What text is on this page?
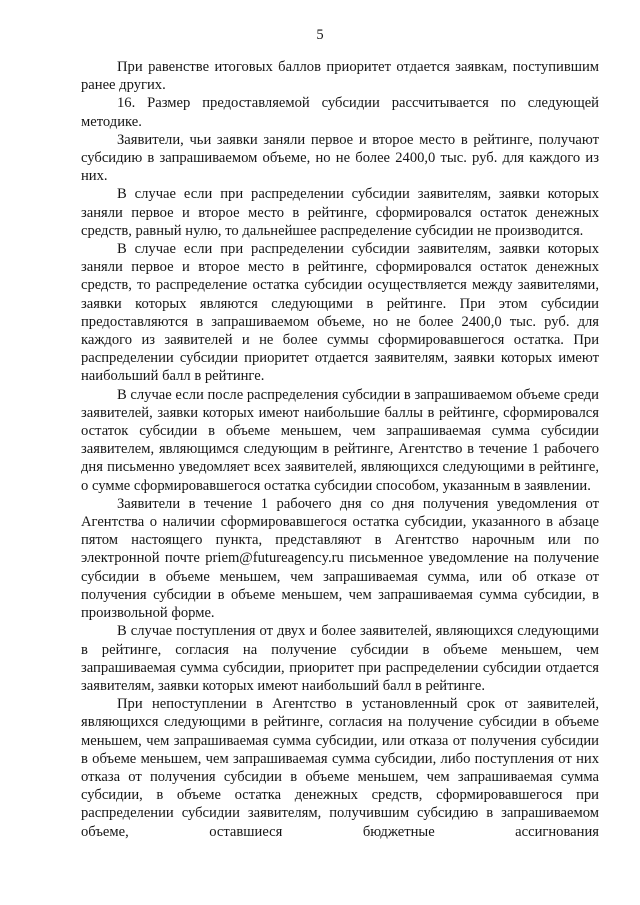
5

При равенстве итоговых баллов приоритет отдается заявкам, поступившим ранее других.

16. Размер предоставляемой субсидии рассчитывается по следующей методике.

Заявители, чьи заявки заняли первое и второе место в рейтинге, получают субсидию в запрашиваемом объеме, но не более 2400,0 тыс. руб. для каждого из них.

В случае если при распределении субсидии заявителям, заявки которых заняли первое и второе место в рейтинге, сформировался остаток денежных средств, равный нулю, то дальнейшее распределение субсидии не производится.

В случае если при распределении субсидии заявителям, заявки которых заняли первое и второе место в рейтинге, сформировался остаток денежных средств, то распределение остатка субсидии осуществляется между заявителями, заявки которых являются следующими в рейтинге. При этом субсидии предоставляются в запрашиваемом объеме, но не более 2400,0 тыс. руб. для каждого из заявителей и не более суммы сформировавшегося остатка. При распределении субсидии приоритет отдается заявителям, заявки которых имеют наибольший балл в рейтинге.

В случае если после распределения субсидии в запрашиваемом объеме среди заявителей, заявки которых имеют наибольшие баллы в рейтинге, сформировался остаток субсидии в объеме меньшем, чем запрашиваемая сумма субсидии заявителем, являющимся следующим в рейтинге, Агентство в течение 1 рабочего дня письменно уведомляет всех заявителей, являющихся следующими в рейтинге, о сумме сформировавшегося остатка субсидии способом, указанным в заявлении.

Заявители в течение 1 рабочего дня со дня получения уведомления от Агентства о наличии сформировавшегося остатка субсидии, указанного в абзаце пятом настоящего пункта, представляют в Агентство нарочным или по электронной почте priem@futureagency.ru письменное уведомление на получение субсидии в объеме меньшем, чем запрашиваемая сумма, или об отказе от получения субсидии в объеме меньшем, чем запрашиваемая сумма субсидии, в произвольной форме.

В случае поступления от двух и более заявителей, являющихся следующими в рейтинге, согласия на получение субсидии в объеме меньшем, чем запрашиваемая сумма субсидии, приоритет при распределении субсидии отдается заявителям, заявки которых имеют наибольший балл в рейтинге.

При непоступлении в Агентство в установленный срок от заявителей, являющихся следующими в рейтинге, согласия на получение субсидии в объеме меньшем, чем запрашиваемая сумма субсидии, или отказа от получения субсидии в объеме меньшем, чем запрашиваемая сумма субсидии, либо поступления от них отказа от получения субсидии в объеме меньшем, чем запрашиваемая сумма субсидии, в объеме остатка денежных средств, сформировавшегося при распределении субсидии заявителям, получившим субсидию в запрашиваемом объеме, оставшиеся бюджетные ассигнования
